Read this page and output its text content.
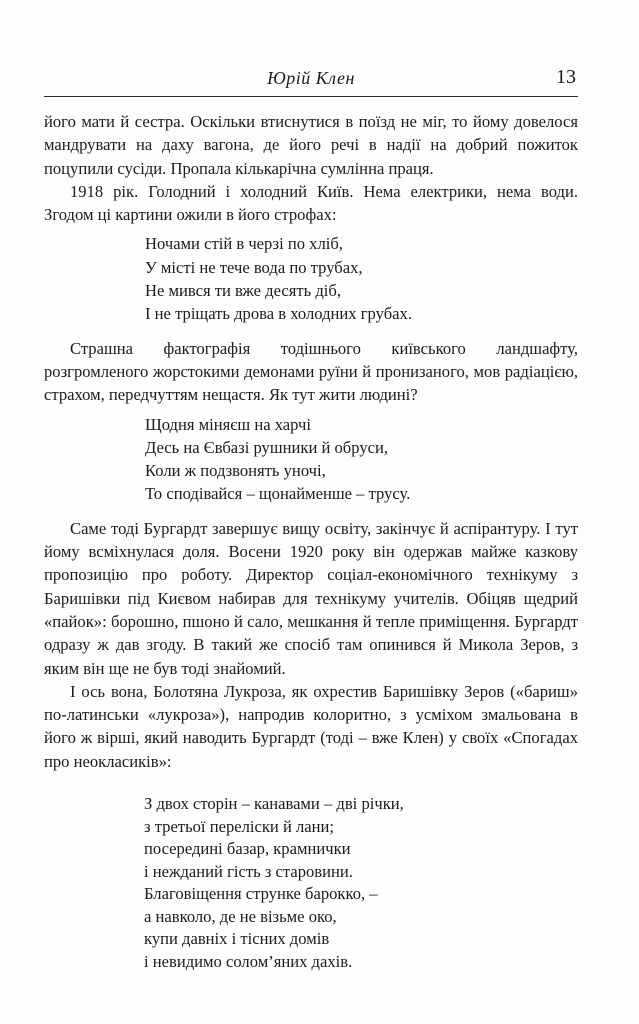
Юрій Клен	13

його мати й сестра. Оскільки втиснутися в поїзд не міг, то йому довелося мандрувати на даху вагона, де його речі в надії на добрий пожиток поцупили сусіди. Пропала кількарічна сумлінна праця.

1918 рік. Голодний і холодний Київ. Нема електрики, нема води. Згодом ці картини ожили в його строфах:

Ночами стій в черзі по хліб,
У місті не тече вода по трубах,
Не мився ти вже десять діб,
І не тріщать дрова в холодних грубах.

Страшна фактографія тодішнього київського ландшафту, розгромленого жорстокими демонами руїни й пронизаного, мов радіацією, страхом, передчуттям нещастя. Як тут жити людині?

Щодня міняєш на харчі
Десь на Євбазі рушники й обруси,
Коли ж подзвонять уночі,
То сподівайся – щонайменше – трусу.

Саме тоді Бургардт завершує вищу освіту, закінчує й аспірантуру. І тут йому всміхнулася доля. Восени 1920 року він одержав майже казкову пропозицію про роботу. Директор соціал-економічного технікуму з Баришівки під Києвом набирав для технікуму учителів. Обіцяв щедрий «пайок»: борошно, пшоно й сало, мешкання й тепле приміщення. Бургардт одразу ж дав згоду. В такий же спосіб там опинився й Микола Зеров, з яким він ще не був тоді знайомий.

І ось вона, Болотяна Лукроза, як охрестив Баришівку Зеров («бариш» по-латинськи «лукроза»), напродив колоритно, з усміхом змальована в його ж вірші, який наводить Бургардт (тоді – вже Клен) у своїх «Спогадах про неокласиків»:

З двох сторін – канавами – дві річки,
з третьої переліски й лани;
посередині базар, крамнички
і нежданий гість з старовини.
Благовіщення струнке барокко, –
а навколо, де не візьме око,
купи давніх і тісних домів
і невидимо солом’яних дахів.
